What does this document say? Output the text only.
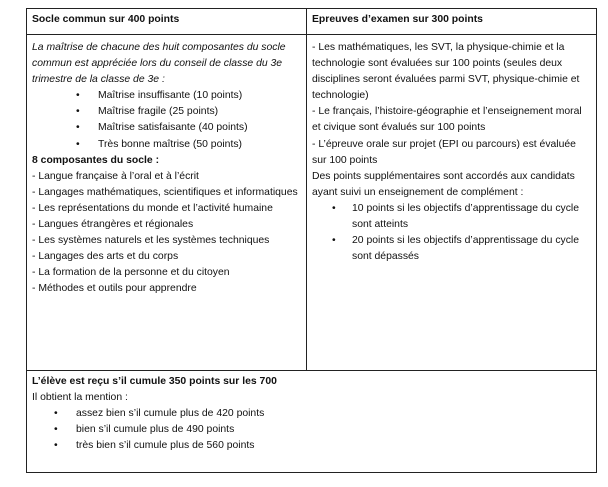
Socle commun sur 400 points	Epreuves d’examen sur 300 points

La maîtrise de chacune des huit composantes du socle commun est appréciée lors du conseil de classe du 3e trimestre de la classe de 3e :

• Maîtrise insuffisante (10 points)
• Maîtrise fragile (25 points)
• Maîtrise satisfaisante (40 points)
• Très bonne maîtrise (50 points)

8 composantes du socle :

- Langue française à l’oral et à l’écrit

- Langages mathématiques, scientifiques et informatiques

- Les représentations du monde et l’activité humaine

- Langues étrangères et régionales

- Les systèmes naturels et les systèmes techniques

- Langages des arts et du corps

- La formation de la personne et du citoyen

- Méthodes et outils pour apprendre

- Les mathématiques, les SVT, la physique-chimie et la technologie sont évaluées sur 100 points (seules deux disciplines seront évaluées parmi SVT, physique-chimie et technologie)

- Le français, l’histoire-géographie et l’enseignement moral et civique sont évalués sur 100 points

- L’épreuve orale sur projet (EPI ou parcours) est évaluée sur 100 points

Des points supplémentaires sont accordés aux candidats ayant suivi un enseignement de complément :

• 10 points si les objectifs d’apprentissage du cycle sont atteints
• 20 points si les objectifs d’apprentissage du cycle sont dépassés

L’élève est reçu s’il cumule 350 points sur les 700

Il obtient la mention :

• assez bien s’il cumule plus de 420 points
• bien s’il cumule plus de 490 points
• très bien s’il cumule plus de 560 points
